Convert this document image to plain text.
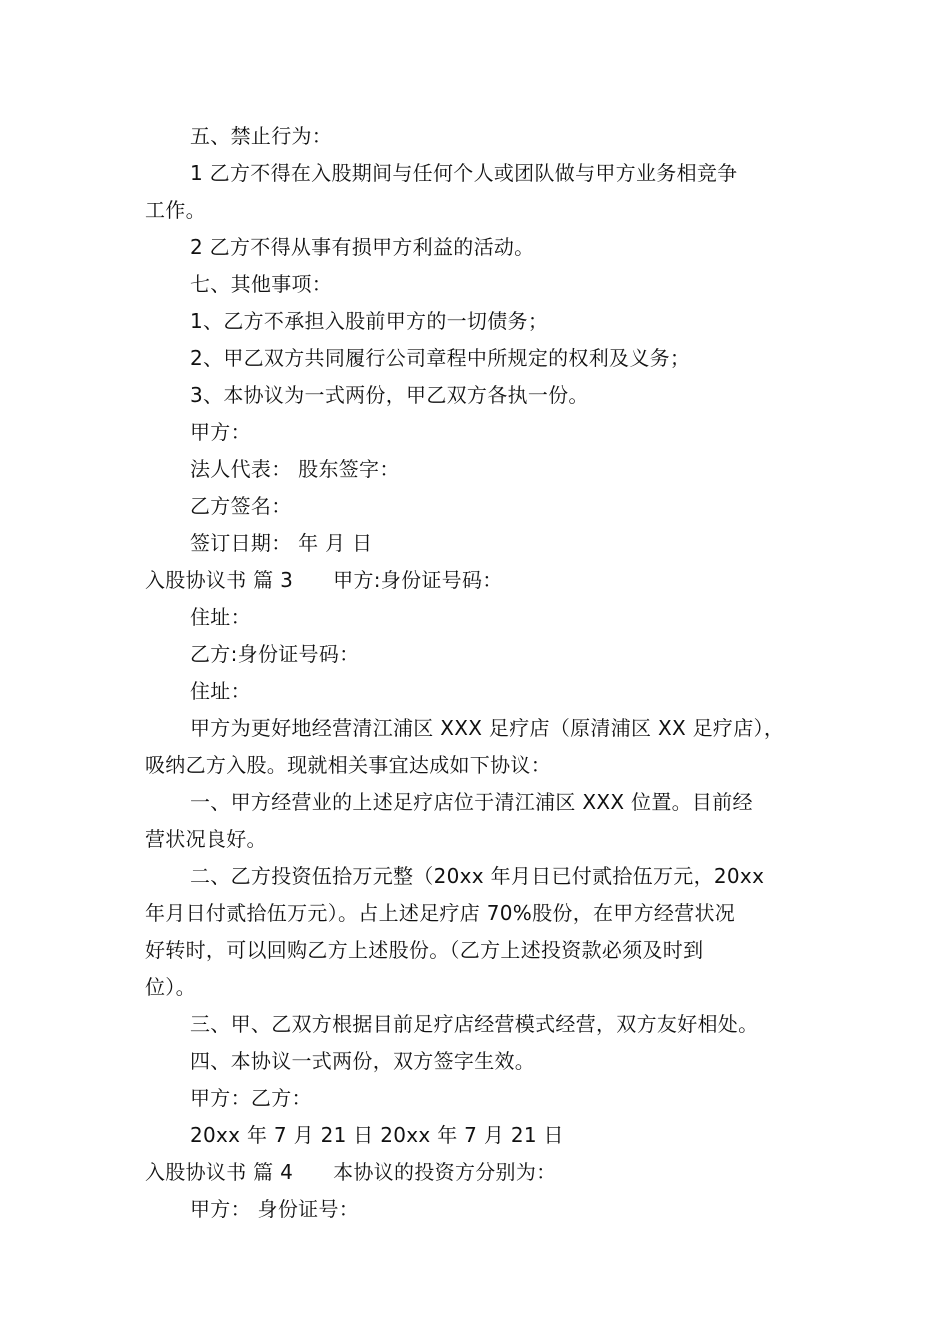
五、禁止行为：
1 乙方不得在入股期间与任何个人或团队做与甲方业务相竞争
工作。
2 乙方不得从事有损甲方利益的活动。
七、其他事项：
1、乙方不承担入股前甲方的一切债务；
2、甲乙双方共同履行公司章程中所规定的权利及义务；
3、本协议为一式两份，甲乙双方各执一份。
甲方：
法人代表： 股东签字：
乙方签名：
签订日期： 年 月 日
入股协议书 篇 3 甲方:身份证号码：
住址：
乙方:身份证号码：
住址：
甲方为更好地经营清江浦区 XXX 足疗店（原清浦区 XX 足疗店），
吸纳乙方入股。现就相关事宜达成如下协议：
一、甲方经营业的上述足疗店位于清江浦区 XXX 位置。目前经
营状况良好。
二、乙方投资伍拾万元整（20xx 年月日已付贰拾伍万元，20xx
年月日付贰拾伍万元）。占上述足疗店 70%股份，在甲方经营状况
好转时，可以回购乙方上述股份。（乙方上述投资款必须及时到
位）。
三、甲、乙双方根据目前足疗店经营模式经营，双方友好相处。
四、本协议一式两份，双方签字生效。
甲方：乙方：
20xx 年 7 月 21 日 20xx 年 7 月 21 日
入股协议书 篇 4 本协议的投资方分别为：
甲方： 身份证号：
